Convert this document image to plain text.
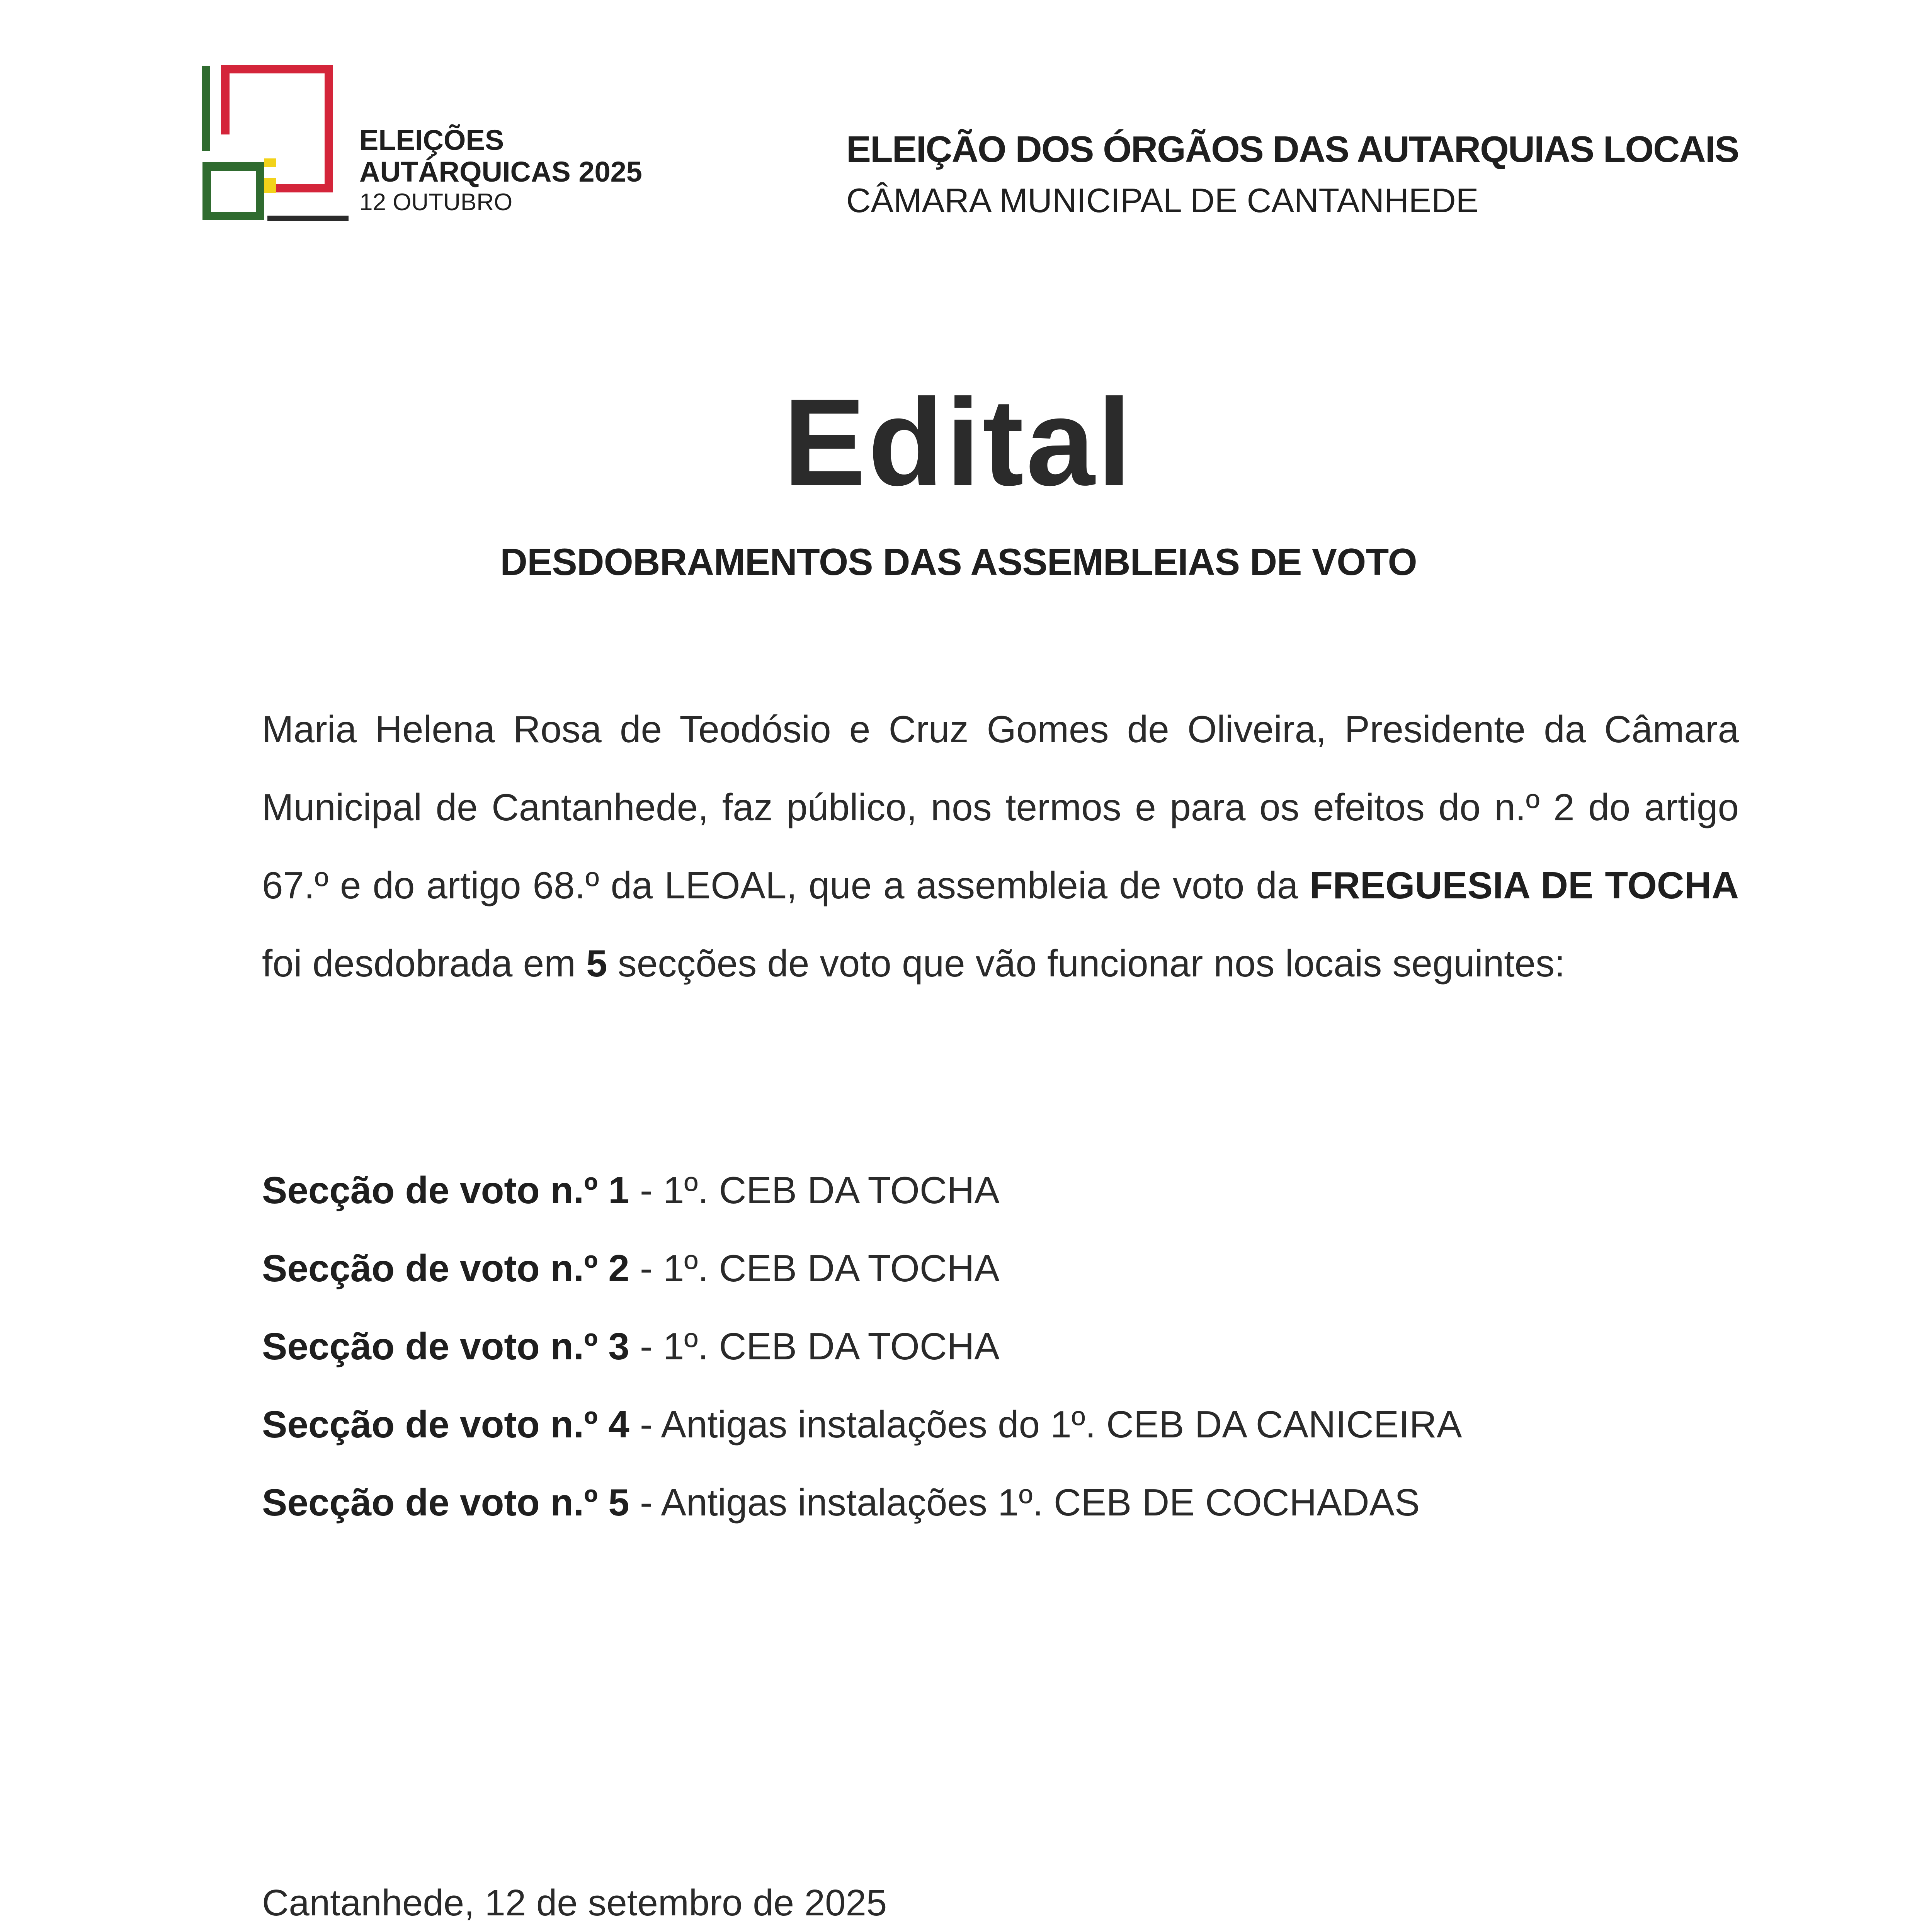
ELEIÇÕES
AUTÁRQUICAS 2025
12 OUTUBRO
ELEIÇÃO DOS ÓRGÃOS DAS AUTARQUIAS LOCAIS
CÂMARA MUNICIPAL DE CANTANHEDE
Edital
DESDOBRAMENTOS DAS ASSEMBLEIAS DE VOTO
Maria Helena Rosa de Teodósio e Cruz Gomes de Oliveira, Presidente da Câmara Municipal de Cantanhede, faz público, nos termos e para os efeitos do n.º 2 do artigo 67.º e do artigo 68.º da LEOAL, que a assembleia de voto da FREGUESIA DE TOCHA foi desdobrada em 5 secções de voto que vão funcionar nos locais seguintes:
Secção de voto n.º 1 - 1º. CEB DA TOCHA
Secção de voto n.º 2 - 1º. CEB DA TOCHA
Secção de voto n.º 3 - 1º. CEB DA TOCHA
Secção de voto n.º 4 - Antigas instalações do 1º. CEB DA CANICEIRA
Secção de voto n.º 5 - Antigas instalações 1º. CEB DE COCHADAS
Cantanhede, 12 de setembro de 2025
